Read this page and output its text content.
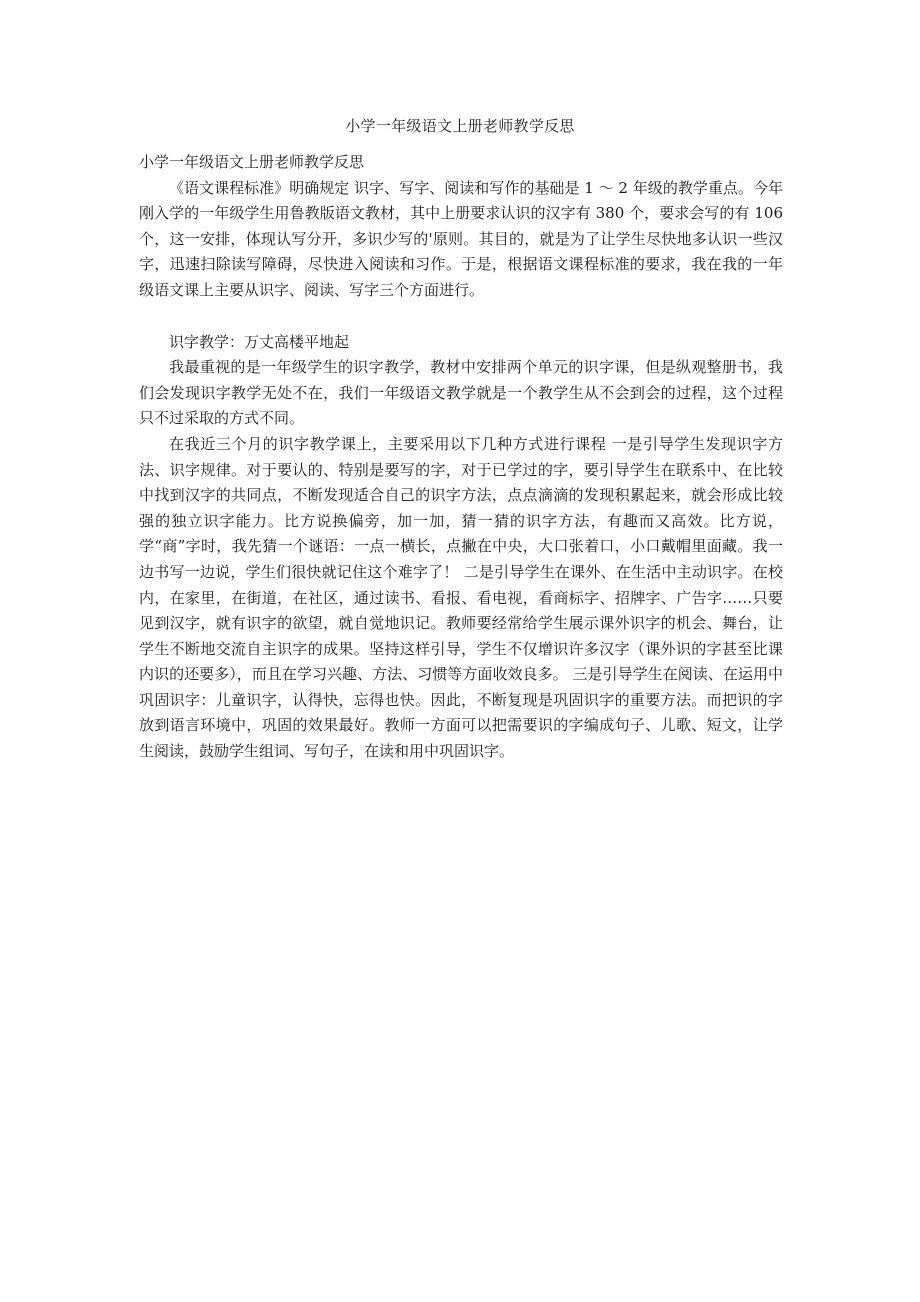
小学一年级语文上册老师教学反思

小学一年级语文上册老师教学反思

《语文课程标准》明确规定 识字、写字、阅读和写作的基础是 1 ～ 2 年级的教学重点。今年刚入学的一年级学生用鲁教版语文教材，其中上册要求认识的汉字有 380 个，要求会写的有 106 个，这一安排，体现认写分开，多识少写的'原则。其目的，就是为了让学生尽快地多认识一些汉字，迅速扫除读写障碍，尽快进入阅读和习作。于是，根据语文课程标准的要求，我在我的一年级语文课上主要从识字、阅读、写字三个方面进行。

识字教学：万丈高楼平地起

我最重视的是一年级学生的识字教学，教材中安排两个单元的识字课，但是纵观整册书，我们会发现识字教学无处不在，我们一年级语文教学就是一个教学生从不会到会的过程，这个过程只不过采取的方式不同。

在我近三个月的识字教学课上，主要采用以下几种方式进行课程 一是引导学生发现识字方法、识字规律。对于要认的、特别是要写的字，对于已学过的字，要引导学生在联系中、在比较中找到汉字的共同点，不断发现适合自己的识字方法，点点滴滴的发现积累起来，就会形成比较强的独立识字能力。比方说换偏旁，加一加，猜一猜的识字方法，有趣而又高效。比方说，学“商”字时，我先猜一个谜语：一点一横长，点撇在中央，大口张着口，小口戴帽里面藏。我一边书写一边说，学生们很快就记住这个难字了！ 二是引导学生在课外、在生活中主动识字。在校内，在家里，在街道，在社区，通过读书、看报、看电视，看商标字、招牌字、广告字……只要见到汉字，就有识字的欲望，就自觉地识记。教师要经常给学生展示课外识字的机会、舞台，让学生不断地交流自主识字的成果。坚持这样引导，学生不仅增识许多汉字（课外识的字甚至比课内识的还要多），而且在学习兴趣、方法、习惯等方面收效良多。 三是引导学生在阅读、在运用中巩固识字：儿童识字，认得快，忘得也快。因此，不断复现是巩固识字的重要方法。而把识的字放到语言环境中，巩固的效果最好。教师一方面可以把需要识的字编成句子、儿歌、短文，让学生阅读，鼓励学生组词、写句子，在读和用中巩固识字。
